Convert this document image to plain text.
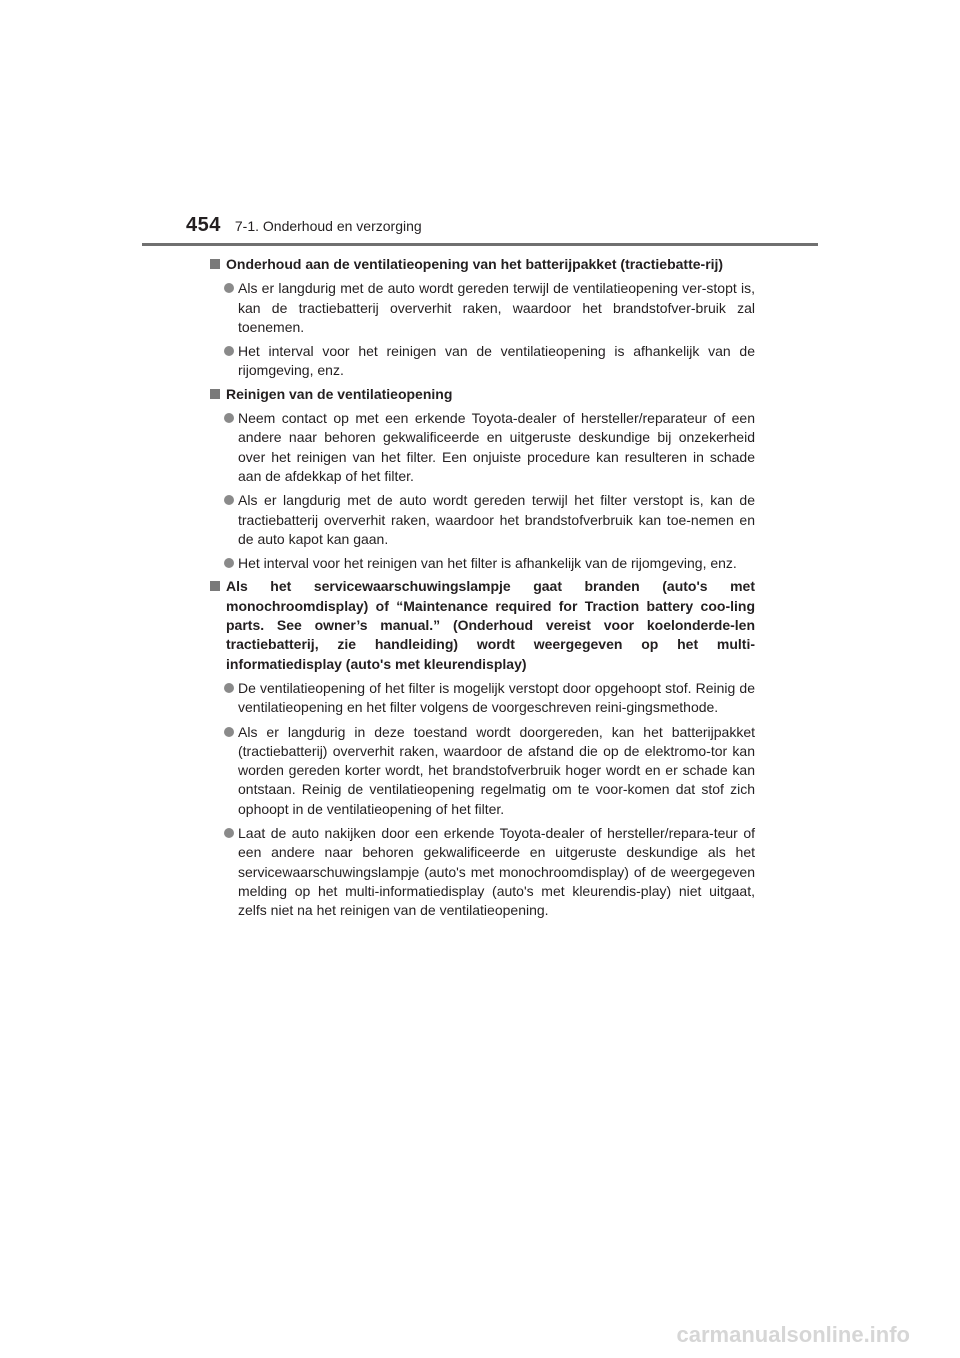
454 7-1. Onderhoud en verzorging
Onderhoud aan de ventilatieopening van het batterijpakket (tractiebatte-rij)
Als er langdurig met de auto wordt gereden terwijl de ventilatieopening ver-stopt is, kan de tractiebatterij oververhit raken, waardoor het brandstofver-bruik zal toenemen.
Het interval voor het reinigen van de ventilatieopening is afhankelijk van de rijomgeving, enz.
Reinigen van de ventilatieopening
Neem contact op met een erkende Toyota-dealer of hersteller/reparateur of een andere naar behoren gekwalificeerde en uitgeruste deskundige bij onzekerheid over het reinigen van het filter. Een onjuiste procedure kan resulteren in schade aan de afdekkap of het filter.
Als er langdurig met de auto wordt gereden terwijl het filter verstopt is, kan de tractiebatterij oververhit raken, waardoor het brandstofverbruik kan toe-nemen en de auto kapot kan gaan.
Het interval voor het reinigen van het filter is afhankelijk van de rijomgeving, enz.
Als het servicewaarschuwingslampje gaat branden (auto's met monochroomdisplay) of “Maintenance required for Traction battery coo-ling parts. See owner’s manual.” (Onderhoud vereist voor koelonderde-len tractiebatterij, zie handleiding) wordt weergegeven op het multi-informatiedisplay (auto's met kleurendisplay)
De ventilatieopening of het filter is mogelijk verstopt door opgehoopt stof. Reinig de ventilatieopening en het filter volgens de voorgeschreven reini-gingsmethode.
Als er langdurig in deze toestand wordt doorgereden, kan het batterijpakket (tractiebatterij) oververhit raken, waardoor de afstand die op de elektromo-tor kan worden gereden korter wordt, het brandstofverbruik hoger wordt en er schade kan ontstaan. Reinig de ventilatieopening regelmatig om te voor-komen dat stof zich ophoopt in de ventilatieopening of het filter.
Laat de auto nakijken door een erkende Toyota-dealer of hersteller/repara-teur of een andere naar behoren gekwalificeerde en uitgeruste deskundige als het servicewaarschuwingslampje (auto's met monochroomdisplay) of de weergegeven melding op het multi-informatiedisplay (auto's met kleurendis-play) niet uitgaat, zelfs niet na het reinigen van de ventilatieopening.
carmanualsonline.info
